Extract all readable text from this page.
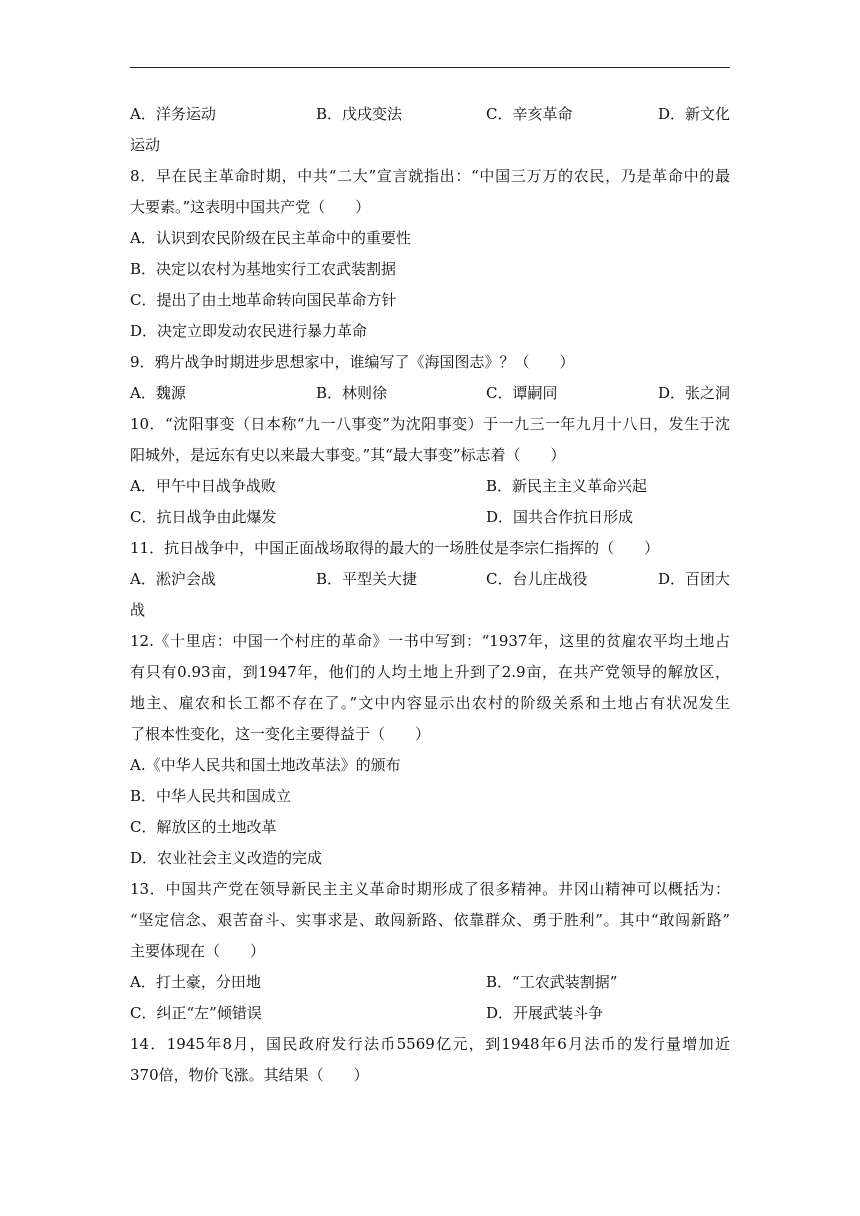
A．洋务运动	B．戊戌变法	C．辛亥革命	D．新文化
运动
8．早在民主革命时期，中共“二大”宣言就指出：“中国三万万的农民，乃是革命中的最
大要素。”这表明中国共产党（　　）
A．认识到农民阶级在民主革命中的重要性
B．决定以农村为基地实行工农武装割据
C．提出了由土地革命转向国民革命方针
D．决定立即发动农民进行暴力革命
9．鸦片战争时期进步思想家中，谁编写了《海国图志》？（　　）
A．魏源	B．林则徐	C．谭嗣同	D．张之洞
10．“沈阳事变（日本称“九一八事变”为沈阳事变）于一九三一年九月十八日，发生于沈
阳城外，是远东有史以来最大事变。”其“最大事变”标志着（　　）
A．甲午中日战争战败	B．新民主主义革命兴起
C．抗日战争由此爆发	D．国共合作抗日形成
11．抗日战争中，中国正面战场取得的最大的一场胜仗是李宗仁指挥的（　　）
A．淞沪会战	B．平型关大捷	C．台儿庄战役	D．百团大
战
12.《十里店：中国一个村庄的革命》一书中写到：“1937年，这里的贫雇农平均土地占
有只有0.93亩，到1947年，他们的人均土地上升到了2.9亩，在共产党领导的解放区，
地主、雇农和长工都不存在了。”文中内容显示出农村的阶级关系和土地占有状况发生
了根本性变化，这一变化主要得益于（　　）
A.《中华人民共和国土地改革法》的颁布
B．中华人民共和国成立
C．解放区的土地改革
D．农业社会主义改造的完成
13．中国共产党在领导新民主主义革命时期形成了很多精神。井冈山精神可以概括为：
“坚定信念、艰苦奋斗、实事求是、敢闯新路、依靠群众、勇于胜利”。其中“敢闯新路”
主要体现在（　　）
A．打土豪，分田地	B．“工农武装割据”
C．纠正“左”倾错误	D．开展武装斗争
14．1945年8月，国民政府发行法币5569亿元，到1948年6月法币的发行量增加近
370倍，物价飞涨。其结果（　　）
